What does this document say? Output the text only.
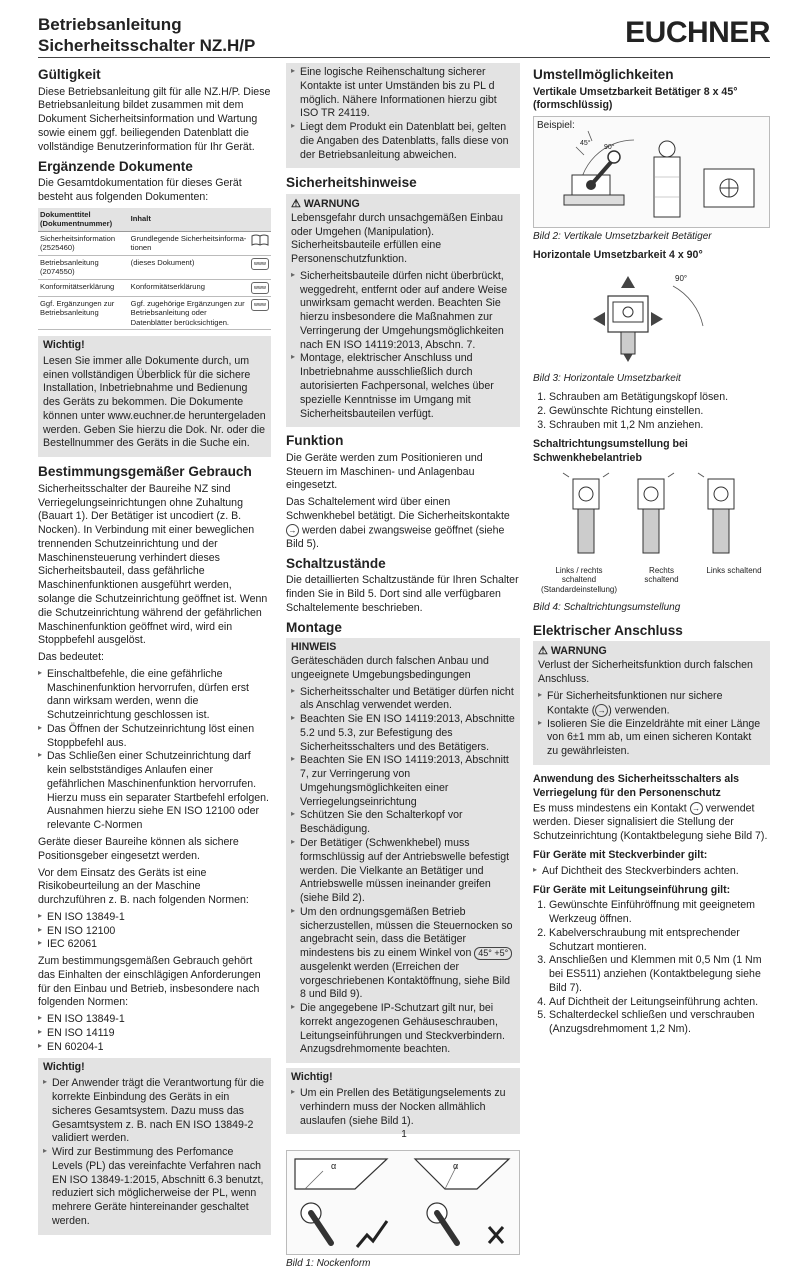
Betriebsanleitung
Sicherheitsschalter NZ.H/P	EUCHNER
Gültigkeit

Diese Betriebsanleitung gilt für alle NZ.H/P. Diese Betriebsanleitung bildet zusammen mit dem Dokument Sicherheitsinformation und Wartung sowie einem ggf. beiliegenden Datenblatt die vollständige Benutzerinformation für Ihr Gerät.

Ergänzende Dokumente

Die Gesamtdokumentation für dieses Gerät besteht aus folgenden Dokumenten:

Dokumenttitel (Dokumentnummer)	Inhalt	
Sicherheitsinformation (2525460)	Grundlegende Sicherheitsinforma-tionen	
Betriebsanleitung (2074550)	(dieses Dokument)	www
Konformitätserklärung	Konformitätserklärung	www
Ggf. Ergänzungen zur Betriebsanleitung	Ggf. zugehörige Ergänzungen zur Betriebsanleitung oder Datenblätter berücksichtigen.	www
Wichtig!

Lesen Sie immer alle Dokumente durch, um einen vollständigen Überblick für die sichere Installation, Inbetriebnahme und Bedienung des Geräts zu bekommen. Die Dokumente können unter www.euchner.de heruntergeladen werden. Geben Sie hierzu die Dok. Nr. oder die Bestellnummer des Geräts in die Suche ein.

Bestimmungsgemäßer Gebrauch

Sicherheitsschalter der Baureihe NZ sind Verriegelungseinrichtungen ohne Zuhaltung (Bauart 1). Der Betätiger ist uncodiert (z. B. Nocken). In Verbindung mit einer beweglichen trennenden Schutzeinrichtung und der Maschinensteuerung verhindert dieses Sicherheitsbauteil, dass gefährliche Maschinenfunktionen ausgeführt werden, solange die Schutzeinrichtung geöffnet ist. Wenn die Schutzeinrichtung während der gefährlichen Maschinenfunktion geöffnet wird, wird ein Stoppbefehl ausgelöst.

Das bedeutet:

▸ Einschaltbefehle, die eine gefährliche Maschinenfunktion hervorrufen, dürfen erst dann wirksam werden, wenn die Schutzeinrichtung geschlossen ist.
▸ Das Öffnen der Schutzeinrichtung löst einen Stoppbefehl aus.
▸ Das Schließen einer Schutzeinrichtung darf kein selbstständiges Anlaufen einer gefährlichen Maschinenfunktion hervorrufen. Hierzu muss ein separater Startbefehl erfolgen. Ausnahmen hierzu siehe EN ISO 12100 oder relevante C-Normen

Geräte dieser Baureihe können als sichere Positionsgeber eingesetzt werden.

Vor dem Einsatz des Geräts ist eine Risikobeurteilung an der Maschine durchzuführen z. B. nach folgenden Normen:

▸ EN ISO 13849-1
▸ EN ISO 12100
▸ IEC 62061

Zum bestimmungsgemäßen Gebrauch gehört das Einhalten der einschlägigen Anforderungen für den Einbau und Betrieb, insbesondere nach folgenden Normen:

▸ EN ISO 13849-1
▸ EN ISO 14119
▸ EN 60204-1
Wichtig!
▸ Der Anwender trägt die Verantwortung für die korrekte Einbindung des Geräts in ein sicheres Gesamtsystem. Dazu muss das Gesamtsystem z. B. nach EN ISO 13849-2 validiert werden.
▸ Wird zur Bestimmung des Perfomance Levels (PL) das vereinfachte Verfahren nach EN ISO 13849-1:2015, Abschnitt 6.3 benutzt, reduziert sich möglicherweise der PL, wenn mehrere Geräte hintereinander geschaltet werden.
▸ Eine logische Reihenschaltung sicherer Kontakte ist unter Umständen bis zu PL d möglich. Nähere Informationen hierzu gibt ISO TR 24119.
▸ Liegt dem Produkt ein Datenblatt bei, gelten die Angaben des Datenblatts, falls diese von der Betriebsanleitung abweichen.
Sicherheitshinweise
⚠ WARNUNG

Lebensgefahr durch unsachgemäßen Einbau oder Umgehen (Manipulation). Sicherheitsbauteile erfüllen eine Personenschutzfunktion.

▸ Sicherheitsbauteile dürfen nicht überbrückt, weggedreht, entfernt oder auf andere Weise unwirksam gemacht werden. Beachten Sie hierzu insbesondere die Maßnahmen zur Verringerung der Umgehungsmöglichkeiten nach EN ISO 14119:2013, Abschn. 7.
▸ Montage, elektrischer Anschluss und Inbetriebnahme ausschließlich durch autorisierten Fachpersonal, welches über spezielle Kenntnisse im Umgang mit Sicherheitsbauteilen verfügt.
Funktion

Die Geräte werden zum Positionieren und Steuern im Maschinen- und Anlagenbau eingesetzt.

Das Schaltelement wird über einen Schwenkhebel betätigt. Die Sicherheitskontakte → werden dabei zwangsweise geöffnet (siehe Bild 5).

Schaltzustände

Die detaillierten Schaltzustände für Ihren Schalter finden Sie in Bild 5. Dort sind alle verfügbaren Schaltelemente beschrieben.

Montage
HINWEIS

Geräteschäden durch falschen Anbau und ungeeignete Umgebungsbedingungen

▸ Sicherheitsschalter und Betätiger dürfen nicht als Anschlag verwendet werden.
▸ Beachten Sie EN ISO 14119:2013, Abschnitte 5.2 und 5.3, zur Befestigung des Sicherheitsschalters und des Betätigers.
▸ Beachten Sie EN ISO 14119:2013, Abschnitt 7, zur Verringerung von Umgehungsmöglichkeiten einer Verriegelungseinrichtung
▸ Schützen Sie den Schalterkopf vor Beschädigung.
▸ Der Betätiger (Schwenkhebel) muss formschlüssig auf der Antriebswelle befestigt werden. Die Vielkante an Betätiger und Antriebswelle müssen ineinander greifen (siehe Bild 2).
▸ Um den ordnungsgemäßen Betrieb sicherzustellen, müssen die Steuernocken so angebracht sein, dass die Betätiger mindestens bis zu einem Winkel von 45° +5° ausgelenkt werden (Erreichen der vorgeschriebenen Kontaktöffnung, siehe Bild 8 und Bild 9).
▸ Die angegebene IP-Schutzart gilt nur, bei korrekt angezogenen Gehäuseschrauben, Leitungseinführungen und Steckverbindern. Anzugsdrehmomente beachten.
Wichtig!
▸ Um ein Prellen des Betätigungselements zu verhindern muss der Nocken allmählich auslaufen (siehe Bild 1).
α	α
Bild 1: Nockenform
Umstellmöglichkeiten
Vertikale Umsetzbarkeit Betätiger 8 x 45° (formschlüssig)
Beispiel:
45°
90°
Bild 2: Vertikale Umsetzbarkeit Betätiger
Horizontale Umsetzbarkeit 4 x 90°
90°
Bild 3: Horizontale Umsetzbarkeit
1. Schrauben am Betätigungskopf lösen.
2. Gewünschte Richtung einstellen.
3. Schrauben mit 1,2 Nm anziehen.
Schaltrichtungsumstellung bei Schwenkhebelantrieb
Links / rechts schaltend (Standardeinstellung)
Rechts schaltend
Links schaltend
Bild 4: Schaltrichtungsumstellung
Elektrischer Anschluss
⚠ WARNUNG

Verlust der Sicherheitsfunktion durch falschen Anschluss.

▸ Für Sicherheitsfunktionen nur sichere Kontakte ( → ) verwenden.
▸ Isolieren Sie die Einzeldrähte mit einer Länge von 6±1 mm ab, um einen sicheren Kontakt zu gewährleisten.
Anwendung des Sicherheitsschalters als Verriegelung für den Personenschutz

Es muss mindestens ein Kontakt → verwendet werden. Dieser signalisiert die Stellung der Schutzeinrichtung (Kontaktbelegung siehe Bild 7).

Für Geräte mit Steckverbinder gilt:
▸ Auf Dichtheit des Steckverbinders achten.
Für Geräte mit Leitungseinführung gilt:
1. Gewünschte Einführöffnung mit geeignetem Werkzeug öffnen.
2. Kabelverschraubung mit entsprechender Schutzart montieren.
3. Anschließen und Klemmen mit 0,5 Nm (1 Nm bei ES511) anziehen (Kontaktbelegung siehe Bild 7).
4. Auf Dichtheit der Leitungseinführung achten.
5. Schalterdeckel schließen und verschrauben (Anzugsdrehmoment 1,2 Nm).
1
